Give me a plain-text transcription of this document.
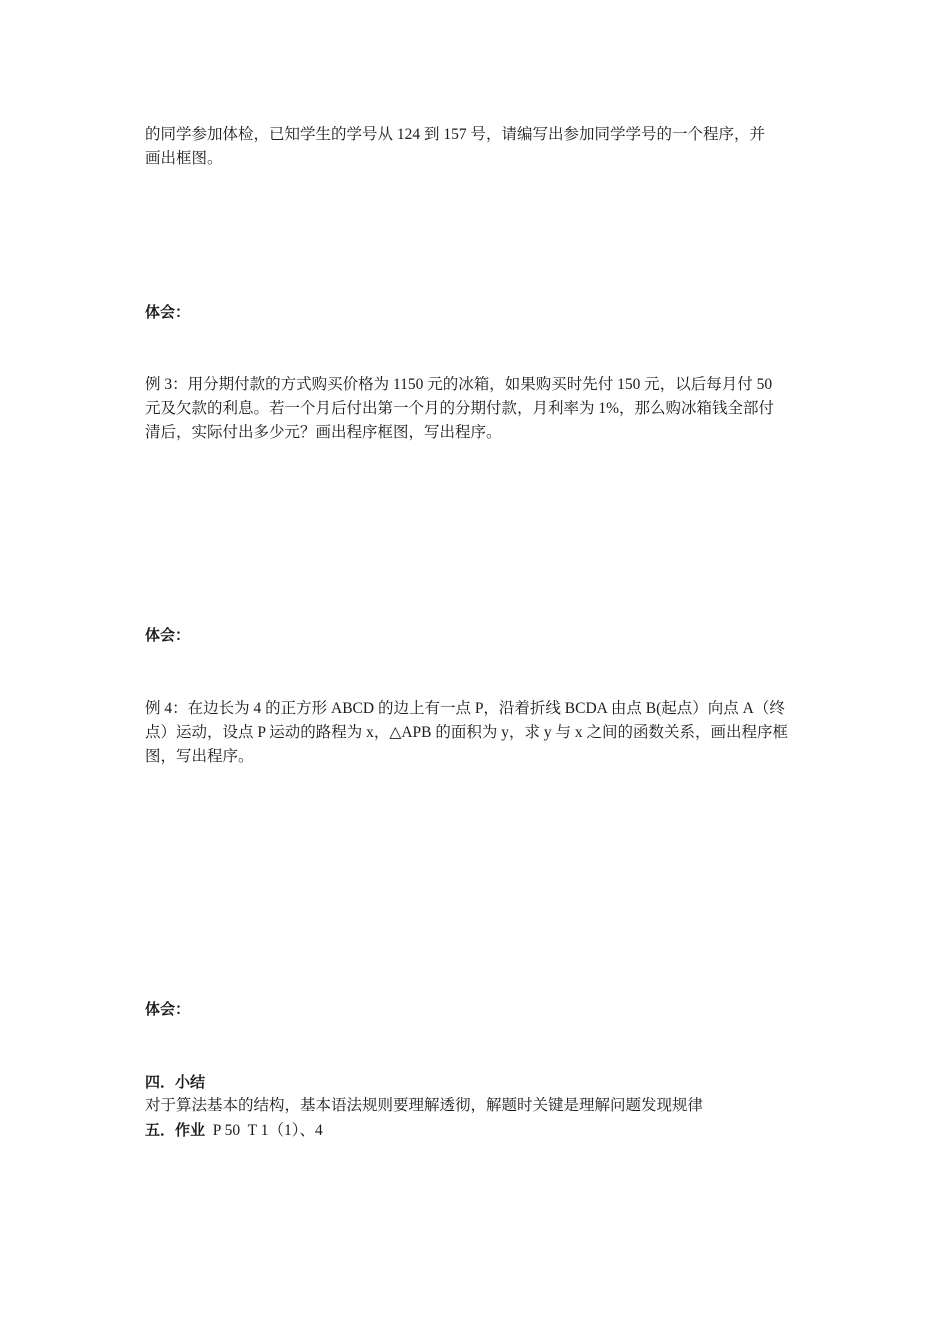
的同学参加体检，已知学生的学号从 124 到 157 号，请编写出参加同学学号的一个程序，并
画出框图。
体会：
例 3：用分期付款的方式购买价格为 1150 元的冰箱，如果购买时先付 150 元，以后每月付 50
元及欠款的利息。若一个月后付出第一个月的分期付款，月利率为 1%，那么购冰箱钱全部付
清后，实际付出多少元？画出程序框图，写出程序。
体会：
例 4：在边长为 4 的正方形 ABCD 的边上有一点 P，沿着折线 BCDA 由点 B(起点）向点 A（终
点）运动，设点 P 运动的路程为 x，△APB 的面积为 y，求 y 与 x 之间的函数关系，画出程序框
图，写出程序。
体会：
四．小结
对于算法基本的结构，基本语法规则要理解透彻，解题时关键是理解问题发现规律
五．作业  P 50  T 1（1）、4
